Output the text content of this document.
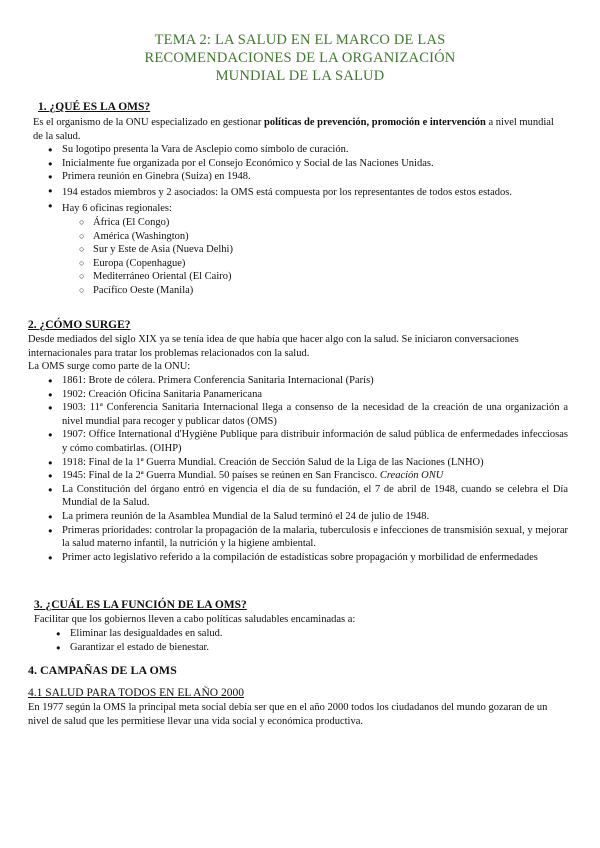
TEMA 2: LA SALUD EN EL MARCO DE LAS
RECOMENDACIONES DE LA ORGANIZACIÓN
MUNDIAL DE LA SALUD
1. ¿QUÉ ES LA OMS?

Es el organismo de la ONU especializado en gestionar políticas de prevención, promoción e intervención a nivel mundial de la salud.

● Su logotipo presenta la Vara de Asclepio como símbolo de curación.
● Inicialmente fue organizada por el Consejo Económico y Social de las Naciones Unidas.
● Primera reunión en Ginebra (Suiza) en 1948.
● 194 estados miembros y 2 asociados: la OMS está compuesta por los representantes de todos estos estados.
● Hay 6 oficinas regionales:
○ África (El Congo)
○ América (Washington)
○ Sur y Este de Asia (Nueva Delhi)
○ Europa (Copenhague)
○ Mediterráneo Oriental (El Cairo)
○ Pacífico Oeste (Manila)
2. ¿CÓMO SURGE?

Desde mediados del siglo XIX ya se tenía idea de que había que hacer algo con la salud. Se iniciaron conversaciones internacionales para tratar los problemas relacionados con la salud.

La OMS surge como parte de la ONU:

● 1861: Brote de cólera. Primera Conferencia Sanitaria Internacional (París)
● 1902: Creación Oficina Sanitaria Panamericana
● 1903: 11ª Conferencia Sanitaria Internacional llega a consenso de la necesidad de la creación de una organización a nivel mundial para recoger y publicar datos (OMS)
● 1907: Office International d'Hygiène Publique para distribuir información de salud pública de enfermedades infecciosas y cómo combatirlas. (OIHP)
● 1918: Final de la 1ª Guerra Mundial. Creación de Sección Salud de la Liga de las Naciones (LNHO)
● 1945: Final de la 2ª Guerra Mundial. 50 países se reúnen en San Francisco. Creación ONU
● La Constitución del órgano entró en vigencia el día de su fundación, el 7 de abril de 1948, cuando se celebra el Día Mundial de la Salud.
● La primera reunión de la Asamblea Mundial de la Salud terminó el 24 de julio de 1948.
● Primeras prioridades: controlar la propagación de la malaria, tuberculosis e infecciones de transmisión sexual, y mejorar la salud materno infantil, la nutrición y la higiene ambiental.
● Primer acto legislativo referido a la compilación de estadísticas sobre propagación y morbilidad de enfermedades
3. ¿CUÁL ES LA FUNCIÓN DE LA OMS?

Facilitar que los gobiernos lleven a cabo políticas saludables encaminadas a:

● Eliminar las desigualdades en salud.
● Garantizar el estado de bienestar.
4. CAMPAÑAS DE LA OMS
4.1 SALUD PARA TODOS EN EL AÑO 2000

En 1977 según la OMS la principal meta social debía ser que en el año 2000 todos los ciudadanos del mundo gozaran de un nivel de salud que les permitiese llevar una vida social y económica productiva.
